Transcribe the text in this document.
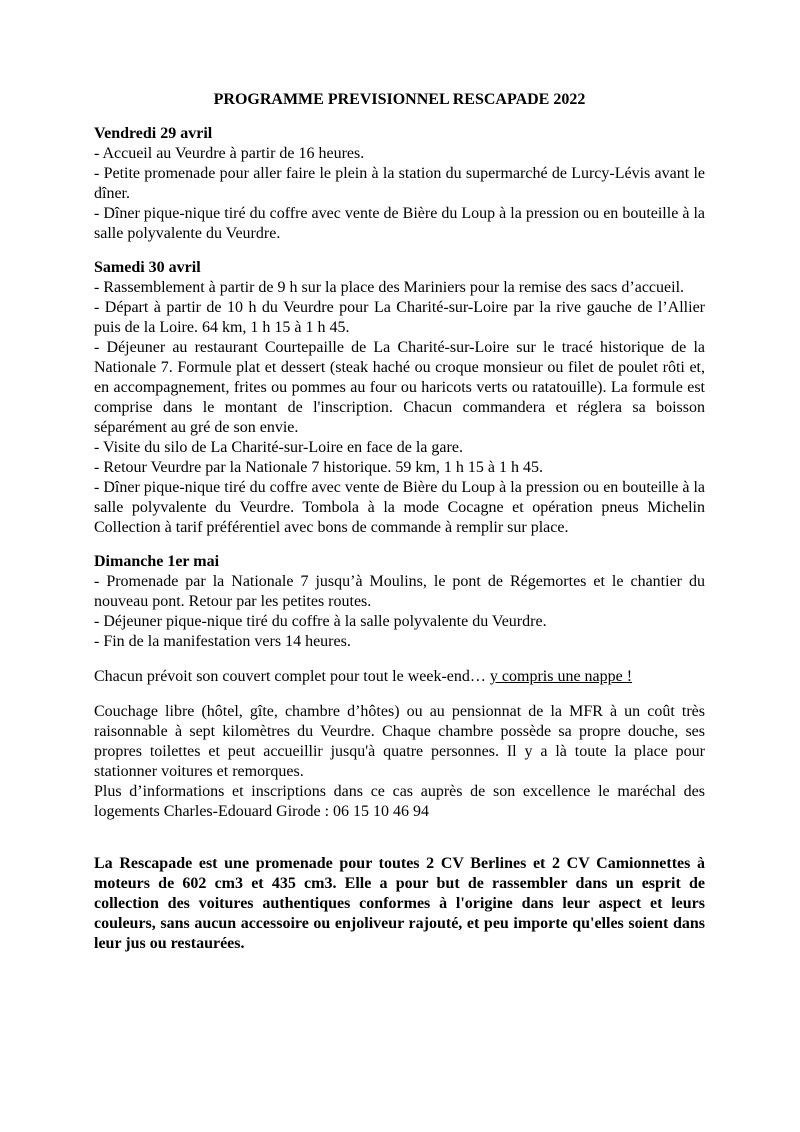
PROGRAMME PREVISIONNEL RESCAPADE 2022
Vendredi 29 avril

- Accueil au Veurdre à partir de 16 heures.

- Petite promenade pour aller faire le plein à la station du supermarché de Lurcy-Lévis avant le dîner.

- Dîner pique-nique tiré du coffre avec vente de Bière du Loup à la pression ou en bouteille à la salle polyvalente du Veurdre.

Samedi 30 avril

- Rassemblement à partir de 9 h sur la place des Mariniers pour la remise des sacs d’accueil.

- Départ à partir de 10 h du Veurdre pour La Charité-sur-Loire par la rive gauche de l’Allier puis de la Loire. 64 km, 1 h 15 à 1 h 45.

- Déjeuner au restaurant Courtepaille de La Charité-sur-Loire sur le tracé historique de la Nationale 7. Formule plat et dessert (steak haché ou croque monsieur ou filet de poulet rôti et, en accompagnement, frites ou pommes au four ou haricots verts ou ratatouille). La formule est comprise dans le montant de l'inscription. Chacun commandera et réglera sa boisson séparément au gré de son envie.

- Visite du silo de La Charité-sur-Loire en face de la gare.

- Retour Veurdre par la Nationale 7 historique. 59 km, 1 h 15 à 1 h 45.

- Dîner pique-nique tiré du coffre avec vente de Bière du Loup à la pression ou en bouteille à la salle polyvalente du Veurdre. Tombola à la mode Cocagne et opération pneus Michelin Collection à tarif préférentiel avec bons de commande à remplir sur place.

Dimanche 1er mai

- Promenade par la Nationale 7 jusqu’à Moulins, le pont de Régemortes et le chantier du nouveau pont. Retour par les petites routes.

- Déjeuner pique-nique tiré du coffre à la salle polyvalente du Veurdre.

- Fin de la manifestation vers 14 heures.

Chacun prévoit son couvert complet pour tout le week-end… y compris une nappe !

Couchage libre (hôtel, gîte, chambre d’hôtes) ou au pensionnat de la MFR à un coût très raisonnable à sept kilomètres du Veurdre. Chaque chambre possède sa propre douche, ses propres toilettes et peut accueillir jusqu'à quatre personnes. Il y a là toute la place pour stationner voitures et remorques.

Plus d’informations et inscriptions dans ce cas auprès de son excellence le maréchal des logements Charles-Edouard Girode : 06 15 10 46 94

La Rescapade est une promenade pour toutes 2 CV Berlines et 2 CV Camionnettes à moteurs de 602 cm3 et 435 cm3. Elle a pour but de rassembler dans un esprit de collection des voitures authentiques conformes à l'origine dans leur aspect et leurs couleurs, sans aucun accessoire ou enjoliveur rajouté, et peu importe qu'elles soient dans leur jus ou restaurées.
